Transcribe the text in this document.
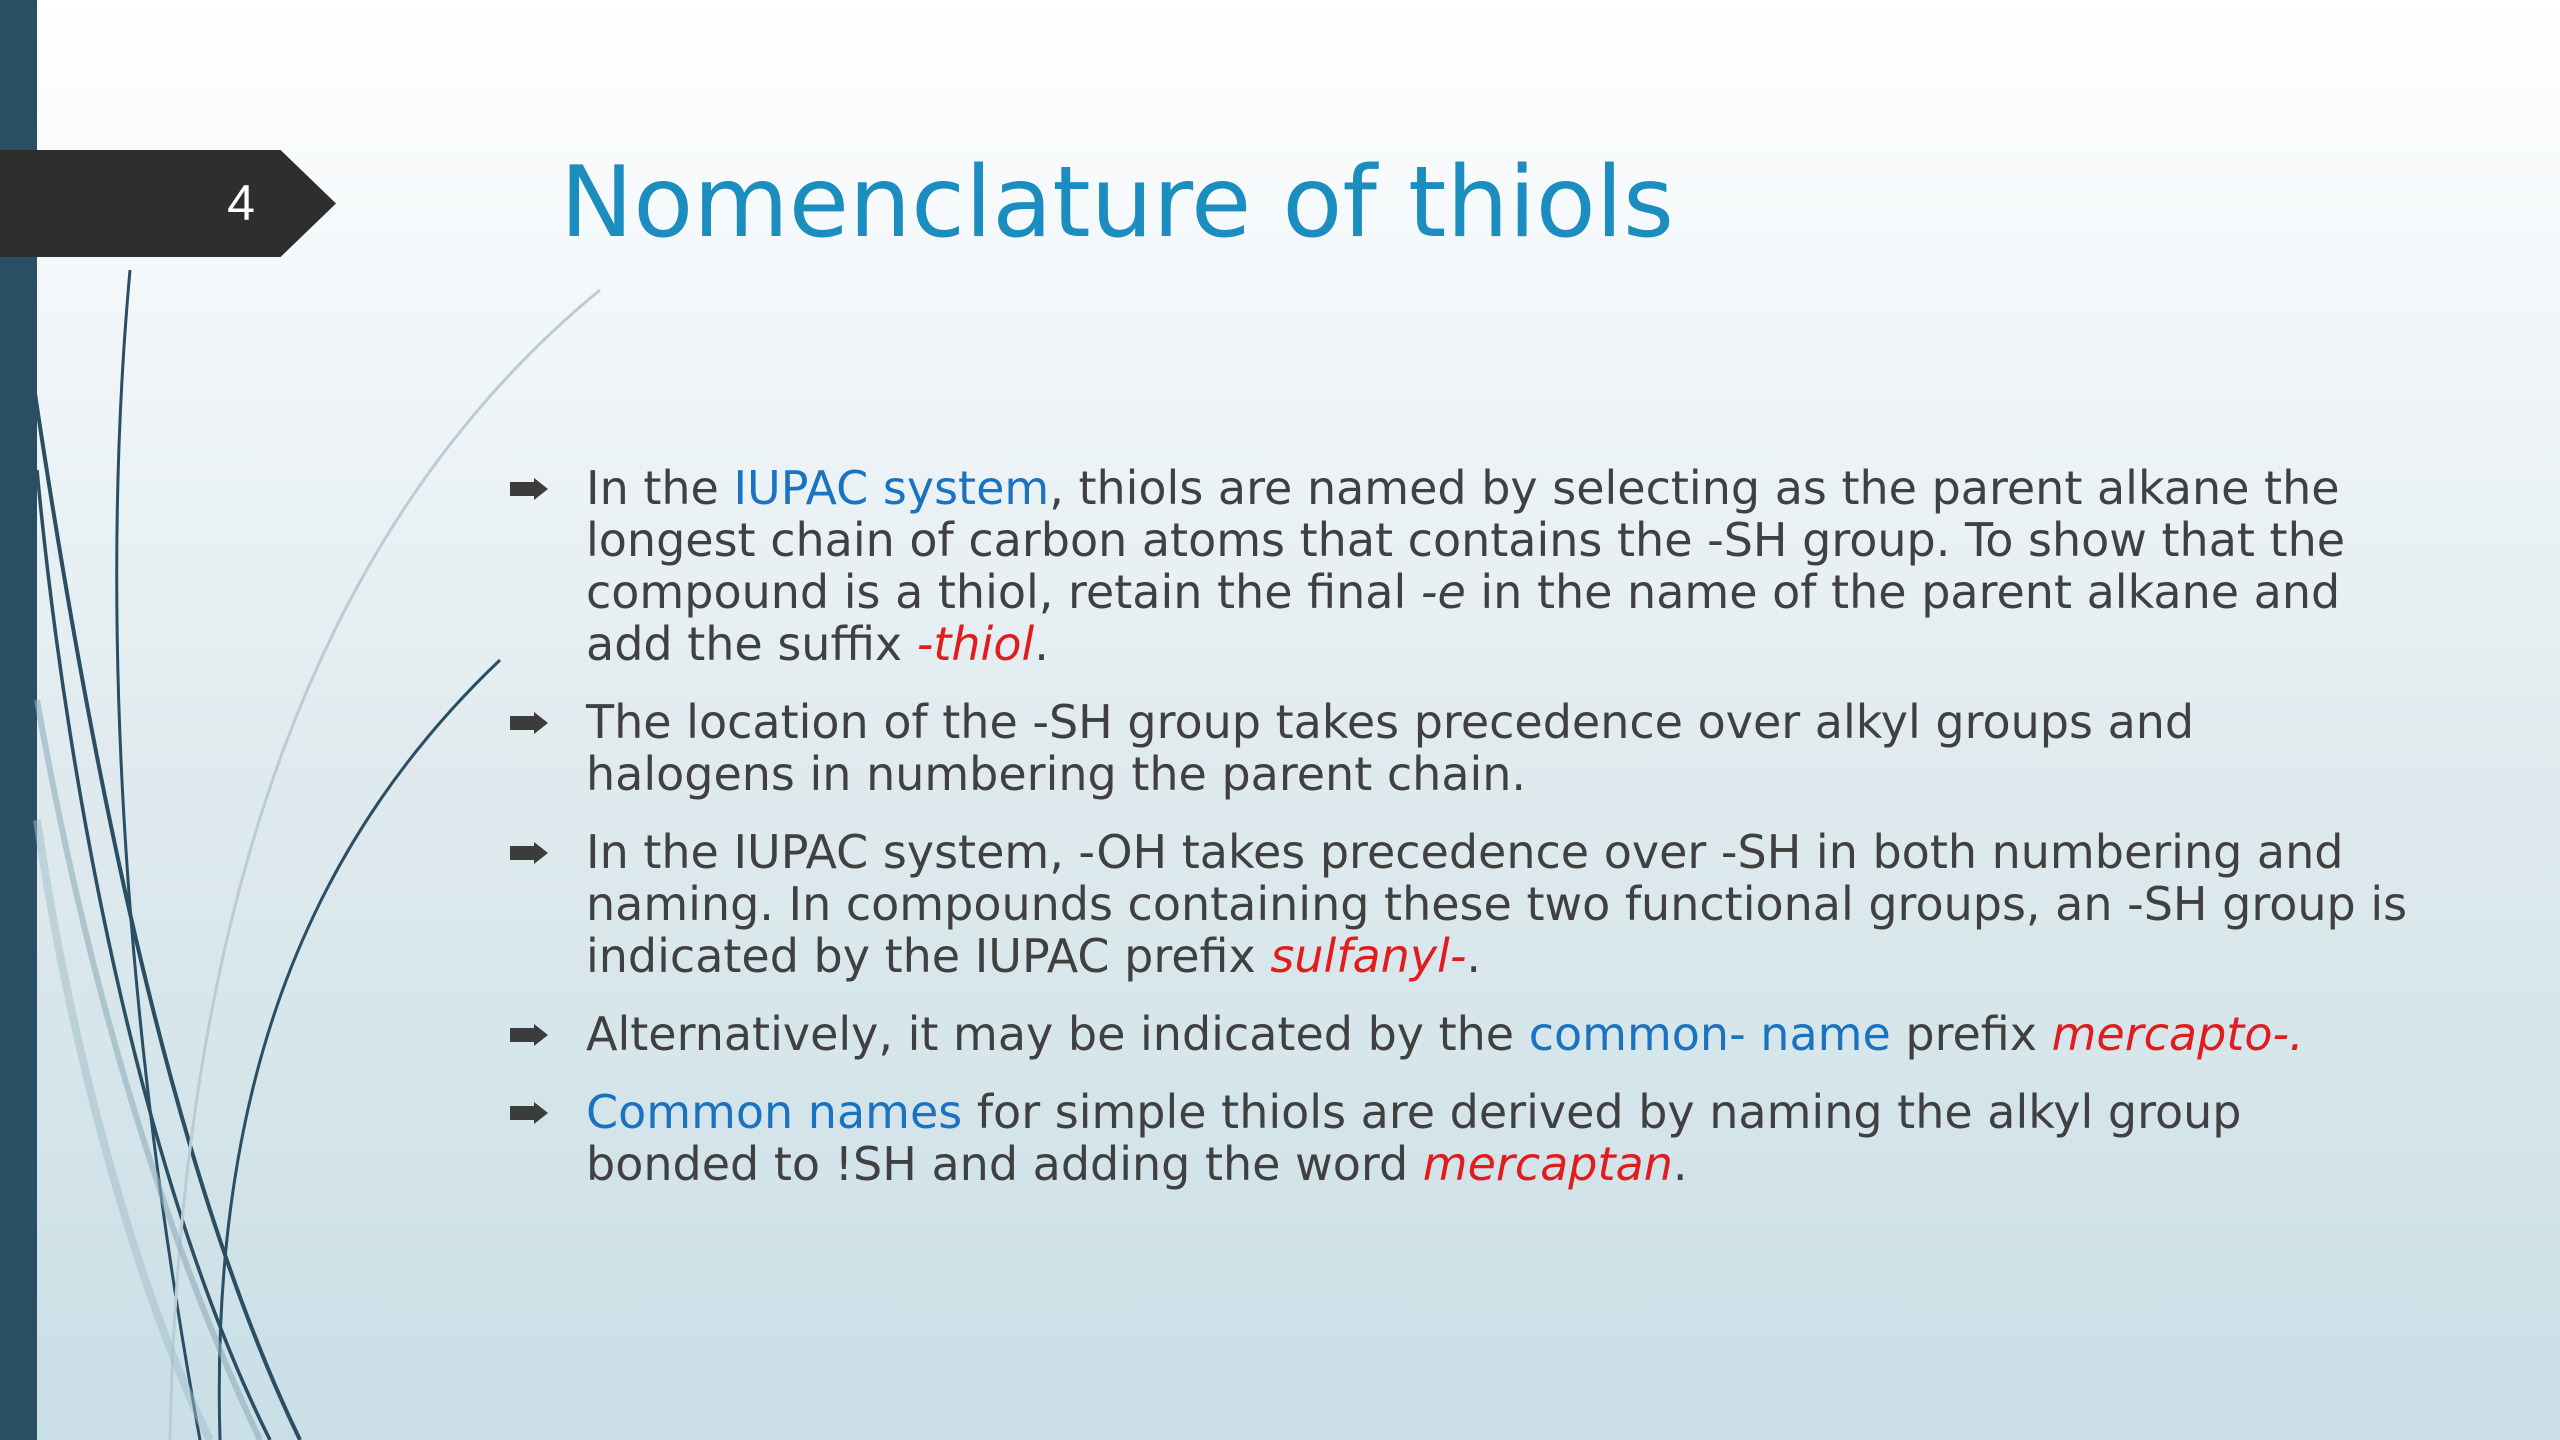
4	Nomenclature of thiols
In the IUPAC system, thiols are named by selecting as the parent alkane the longest chain of carbon atoms that contains the -SH group. To show that the compound is a thiol, retain the final -e in the name of the parent alkane and add the suffix -thiol.
The location of the -SH group takes precedence over alkyl groups and halogens in numbering the parent chain.
In the IUPAC system, -OH takes precedence over -SH in both numbering and naming. In compounds containing these two functional groups, an -SH group is indicated by the IUPAC prefix sulfanyl-.
Alternatively, it may be indicated by the common- name prefix mercapto-.
Common names for simple thiols are derived by naming the alkyl group bonded to !SH and adding the word mercaptan.
